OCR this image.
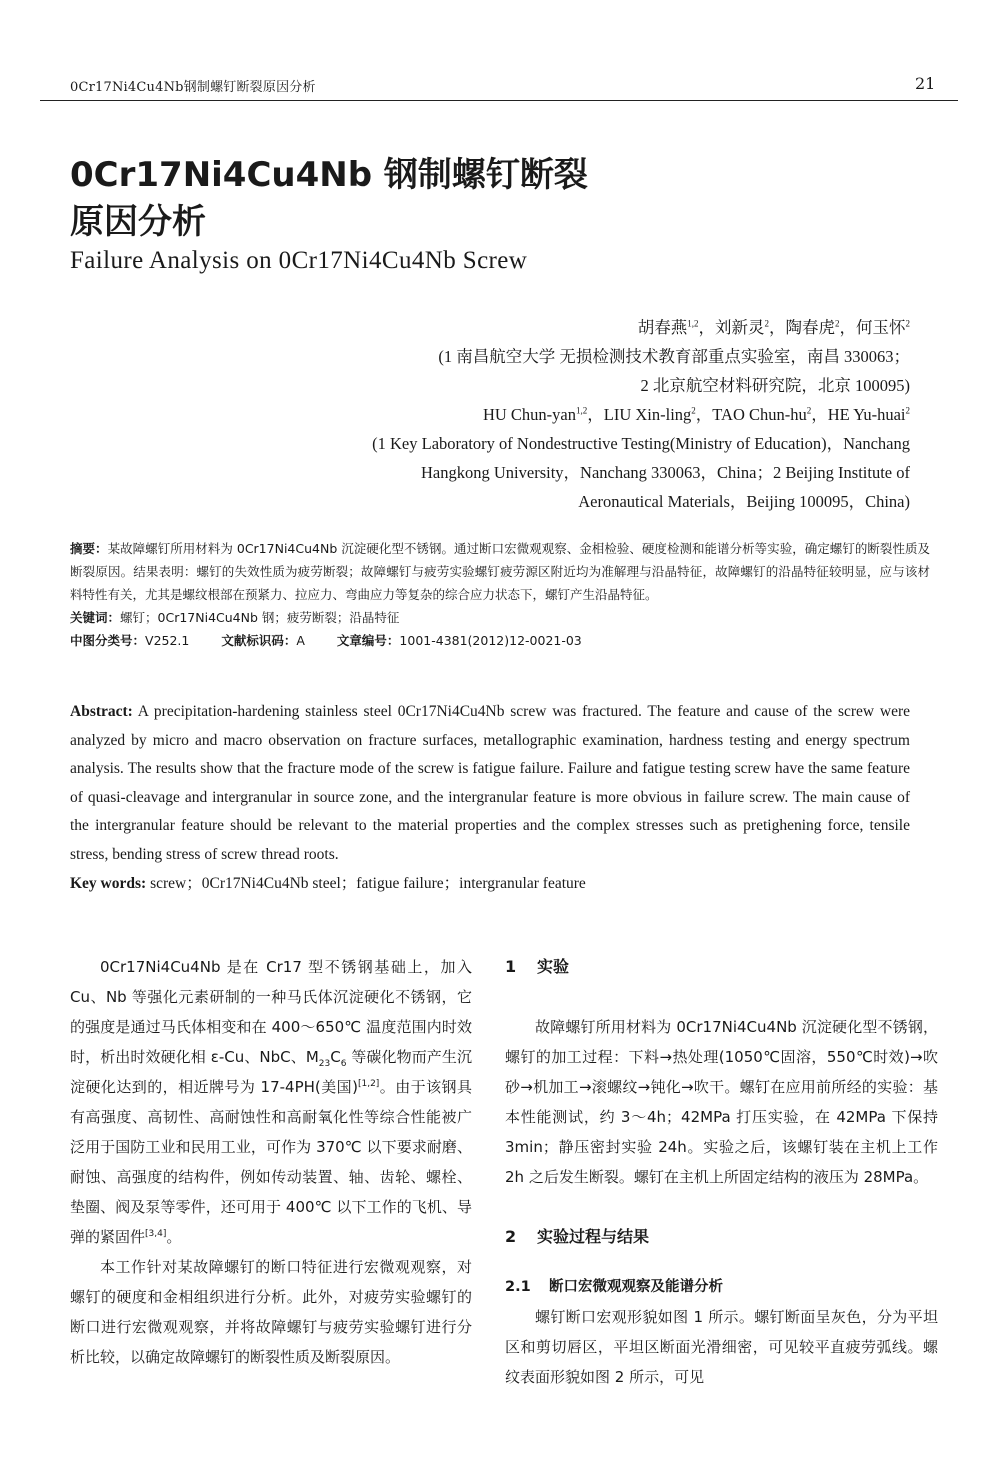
0Cr17Ni4Cu4Nb钢制螺钉断裂原因分析	21
0Cr17Ni4Cu4Nb 钢制螺钉断裂
原因分析
Failure Analysis on 0Cr17Ni4Cu4Nb Screw
胡春燕$^{1,2}$，刘新灵$^2$，陶春虎$^2$，何玉怀$^2$
(1 南昌航空大学 无损检测技术教育部重点实验室，南昌 330063；
2 北京航空材料研究院，北京 100095)
HU Chun-yan$^{1,2}$，LIU Xin-ling$^2$，TAO Chun-$hu^2$，HE Yu-huai$^2$
(1 Key Laboratory of Nondestructive Testing(Ministry of Education)，Nanchang
Hangkong University，Nanchang 330063，China；2 Beijing Institute of
Aeronautical Materials，Beijing 100095，China)
摘要：某故障螺钉所用材料为 0Cr17Ni4Cu4Nb 沉淀硬化型不锈钢。通过断口宏微观观察、金相检验、硬度检测和能谱分析等实验，确定螺钉的断裂性质及断裂原因。结果表明：螺钉的失效性质为疲劳断裂；故障螺钉与疲劳实验螺钉疲劳源区附近均为准解理与沿晶特征，故障螺钉的沿晶特征较明显，应与该材料特性有关，尤其是螺纹根部在预紧力、拉应力、弯曲应力等复杂的综合应力状态下，螺钉产生沿晶特征。
关键词：螺钉；0Cr17Ni4Cu4Nb 钢；疲劳断裂；沿晶特征
中图分类号：V252.1	文献标识码：A	文章编号：1001-4381(2012)12-0021-03
Abstract: A precipitation-hardening stainless steel 0Cr17Ni4Cu4Nb screw was fractured. The feature and cause of the screw were analyzed by micro and macro observation on fracture surfaces, metallographic examination, hardness testing and energy spectrum analysis. The results show that the fracture mode of the screw is fatigue failure. Failure and fatigue testing screw have the same feature of quasi-cleavage and intergranular in source zone, and the intergranular feature is more obvious in failure screw. The main cause of the intergranular feature should be relevant to the material properties and the complex stresses such as pretighening force, tensile stress, bending stress of screw thread roots.
Key words: screw；0Cr17Ni4Cu4Nb steel；fatigue failure；intergranular feature

0Cr17Ni4Cu4Nb 是在 Cr17 型不锈钢基础上，加入 Cu、Nb 等强化元素研制的一种马氏体沉淀硬化不锈钢，它的强度是通过马氏体相变和在 400～650℃ 温度范围内时效时，析出时效硬化相 ε-Cu、NbC、$M_{23}C_6$ 等碳化物而产生沉淀硬化达到的，相近牌号为 17-4PH(美国)[1,2]。由于该钢具有高强度、高韧性、高耐蚀性和高耐氧化性等综合性能被广泛用于国防工业和民用工业，可作为 370℃ 以下要求耐磨、耐蚀、高强度的结构件，例如传动装置、轴、齿轮、螺栓、垫圈、阀及泵等零件，还可用于 400℃ 以下工作的飞机、导弹的紧固件[3,4]。

本工作针对某故障螺钉的断口特征进行宏微观观察，对螺钉的硬度和金相组织进行分析。此外，对疲劳实验螺钉的断口进行宏微观观察，并将故障螺钉与疲劳实验螺钉进行分析比较，以确定故障螺钉的断裂性质及断裂原因。

1 实验

故障螺钉所用材料为 0Cr17Ni4Cu4Nb 沉淀硬化型不锈钢，螺钉的加工过程：下料→热处理(1050℃固溶，550℃时效)→吹砂→机加工→滚螺纹→钝化→吹干。螺钉在应用前所经的实验：基本性能测试，约 3～4h；42MPa 打压实验，在 42MPa 下保持 3min；静压密封实验 24h。实验之后，该螺钉装在主机上工作 2h 之后发生断裂。螺钉在主机上所固定结构的液压为 28MPa。

2 实验过程与结果

2.1 断口宏微观观察及能谱分析

螺钉断口宏观形貌如图 1 所示。螺钉断面呈灰色，分为平坦区和剪切唇区，平坦区断面光滑细密，可见较平直疲劳弧线。螺纹表面形貌如图 2 所示，可见
